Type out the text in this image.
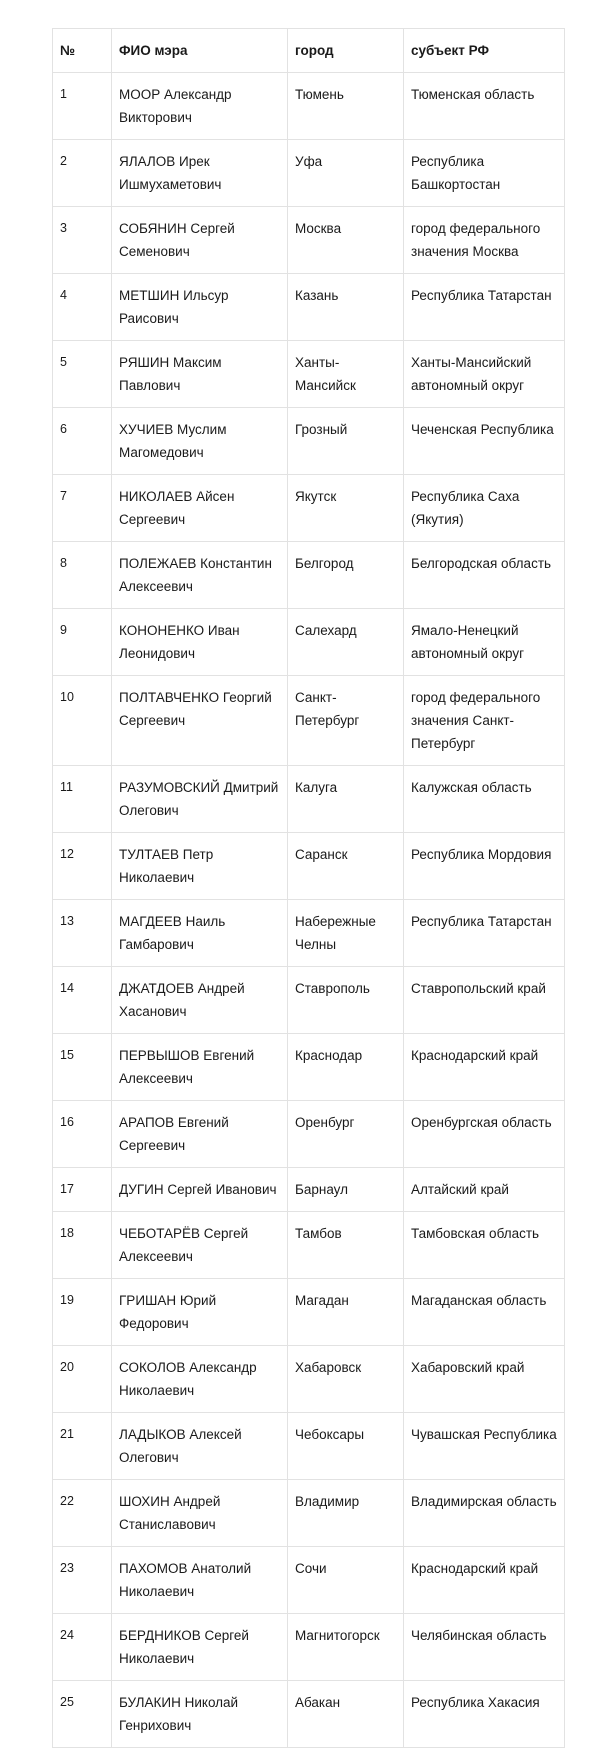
№	ФИО мэра	город	субъект РФ
1	МООР Александр Викторович	Тюмень	Тюменская область
2	ЯЛАЛОВ Ирек Ишмухаметович	Уфа	Республика Башкортостан
3	СОБЯНИН Сергей Семенович	Москва	город федерального значения Москва
4	МЕТШИН Ильсур Раисович	Казань	Республика Татарстан
5	РЯШИН Максим Павлович	Ханты-Мансийск	Ханты-Мансийский автономный округ
6	ХУЧИЕВ Муслим Магомедович	Грозный	Чеченская Республика
7	НИКОЛАЕВ Айсен Сергеевич	Якутск	Республика Саха (Якутия)
8	ПОЛЕЖАЕВ Константин Алексеевич	Белгород	Белгородская область
9	КОНОНЕНКО Иван Леонидович	Салехард	Ямало-Ненецкий автономный округ
10	ПОЛТАВЧЕНКО Георгий Сергеевич	Санкт-Петербург	город федерального значения Санкт-Петербург
11	РАЗУМОВСКИЙ Дмитрий Олегович	Калуга	Калужская область
12	ТУЛТАЕВ Петр Николаевич	Саранск	Республика Мордовия
13	МАГДЕЕВ Наиль Гамбарович	Набережные Челны	Республика Татарстан
14	ДЖАТДОЕВ Андрей Хасанович	Ставрополь	Ставропольский край
15	ПЕРВЫШОВ Евгений Алексеевич	Краснодар	Краснодарский край
16	АРАПОВ Евгений Сергеевич	Оренбург	Оренбургская область
17	ДУГИН Сергей Иванович	Барнаул	Алтайский край
18	ЧЕБОТАРЁВ Сергей Алексеевич	Тамбов	Тамбовская область
19	ГРИШАН Юрий Федорович	Магадан	Магаданская область
20	СОКОЛОВ Александр Николаевич	Хабаровск	Хабаровский край
21	ЛАДЫКОВ Алексей Олегович	Чебоксары	Чувашская Республика
22	ШОХИН Андрей Станиславович	Владимир	Владимирская область
23	ПАХОМОВ Анатолий Николаевич	Сочи	Краснодарский край
24	БЕРДНИКОВ Сергей Николаевич	Магнитогорск	Челябинская область
25	БУЛАКИН Николай Генрихович	Абакан	Республика Хакасия
